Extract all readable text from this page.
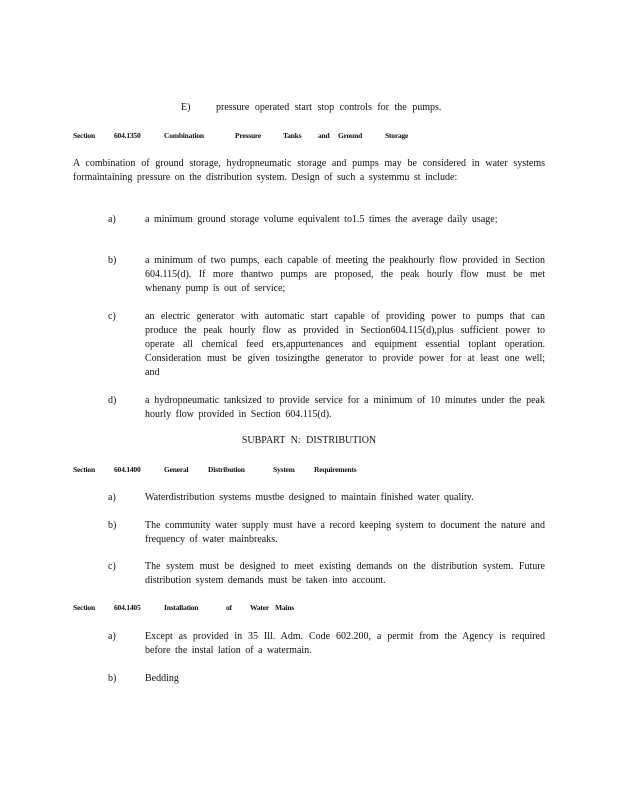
E)	pressure operated start stop controls for the pumps.
Section	604.1350	Combination	Pressure	Tanks and Ground	Storage
A combination of ground storage, hydropneumatic storage and pumps may be considered in water systems formaintaining pressure on the distribution system. Design of such a systemmu st include:
a)	a minimum ground storage volume equivalent to1.5 times the average daily usage;
b)	a minimum of two pumps, each capable of meeting the peakhourly flow provided in Section 604.115(d). If more thantwo pumps are proposed, the peak hourly flow must be met whenany pump is out of service;
c)	an electric generator with automatic start capable of providing power to pumps that can produce the peak hourly flow as provided in Section604.115(d),plus sufficient power to operate all chemical feed ers,appurtenances and equipment essential toplant operation. Consideration must be given tosizingthe generator to provide power for at least one well; and
d)	a hydropneumatic tanksized to provide service for a minimum of 10 minutes under the peak hourly flow provided in Section 604.115(d).
SUBPART N: DISTRIBUTION
Section	604.1400	General	Distribution	System	Requirements
a)	Waterdistribution systems mustbe designed to maintain finished water quality.
b)	The community water supply must have a record keeping system to document the nature and frequency of water mainbreaks.
c)	The system must be designed to meet existing demands on the distribution system. Future distribution system demands must be taken into account.
Section	604.1405	Installation	of Water Mains
a)	Except as provided in 35 Ill. Adm. Code 602.200, a permit from the Agency is required before the instal lation of a watermain.
b)	Bedding
